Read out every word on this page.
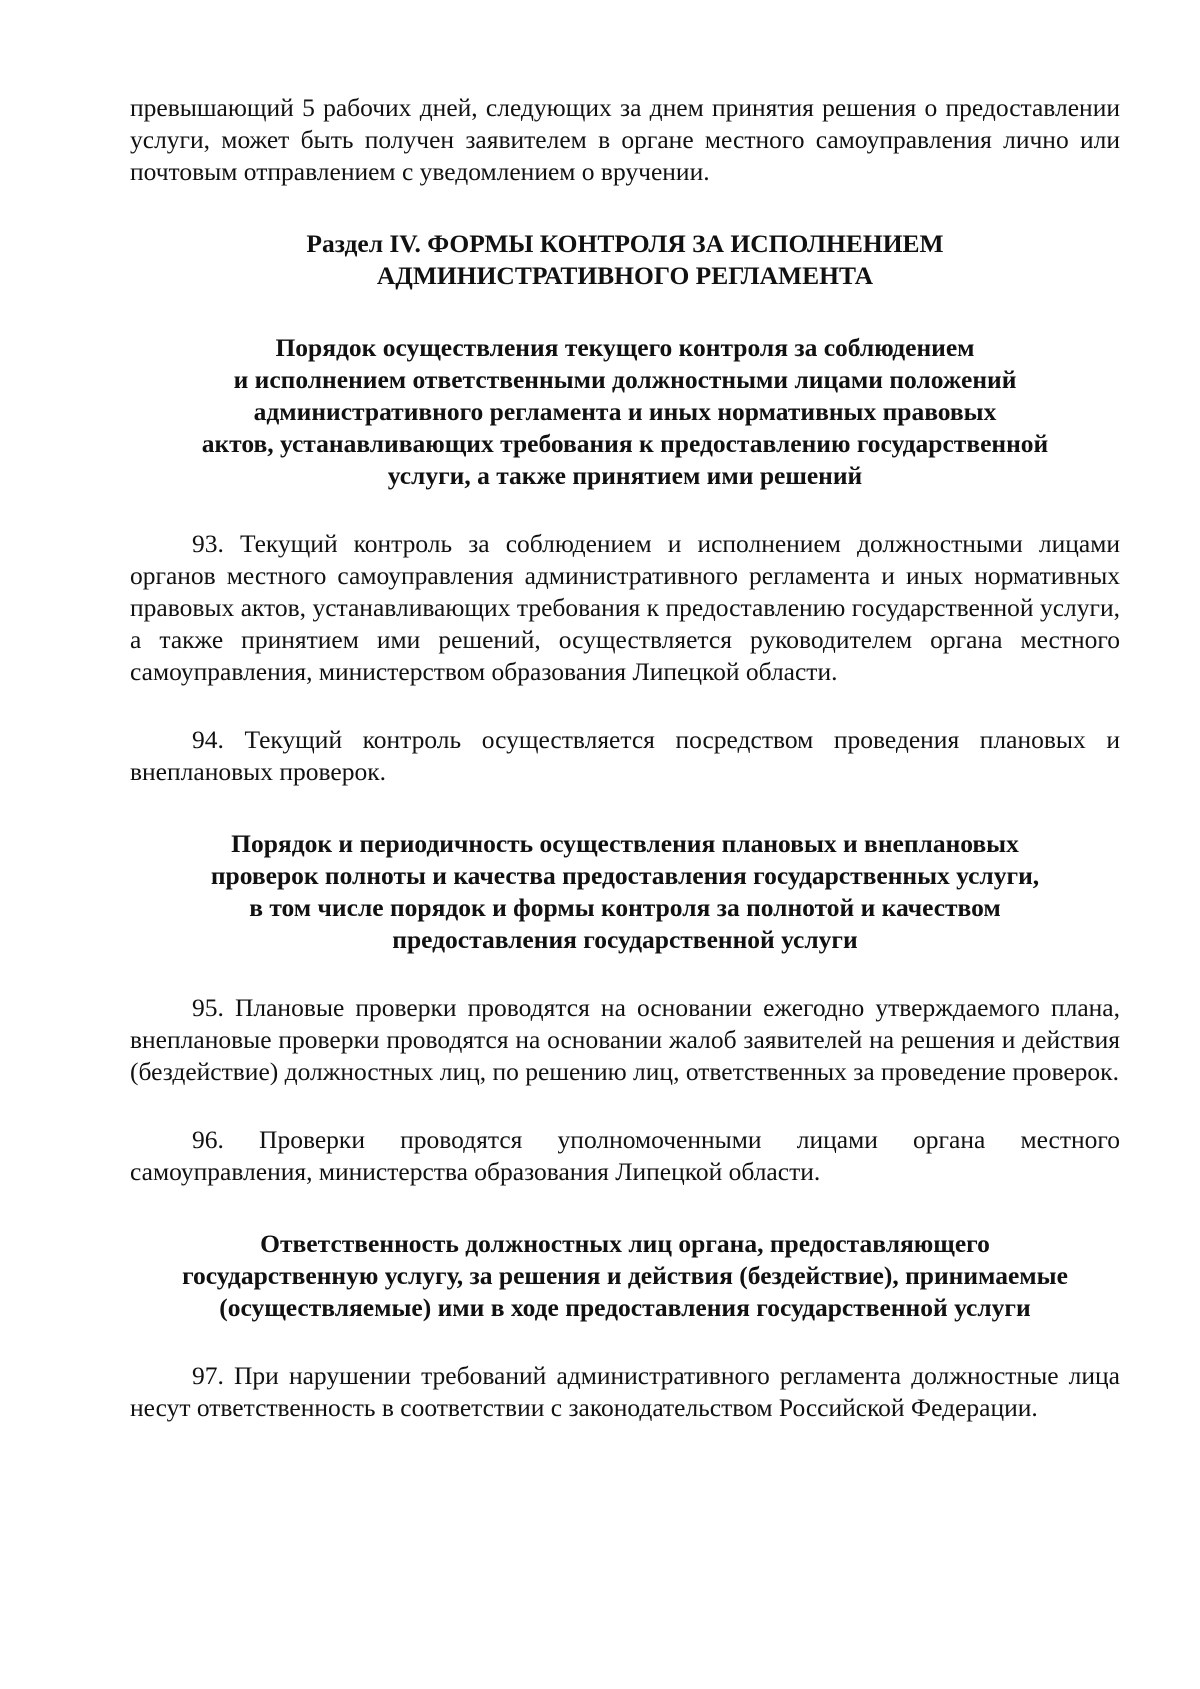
превышающий 5 рабочих дней, следующих за днем принятия решения о предоставлении услуги, может быть получен заявителем в органе местного самоуправления лично или почтовым отправлением с уведомлением о вручении.

Раздел IV. ФОРМЫ КОНТРОЛЯ ЗА ИСПОЛНЕНИЕМ
АДМИНИСТРАТИВНОГО РЕГЛАМЕНТА
Порядок осуществления текущего контроля за соблюдением
и исполнением ответственными должностными лицами положений
административного регламента и иных нормативных правовых
актов, устанавливающих требования к предоставлению государственной
услуги, а также принятием ими решений

93. Текущий контроль за соблюдением и исполнением должностными лицами органов местного самоуправления административного регламента и иных нормативных правовых актов, устанавливающих требования к предоставлению государственной услуги, а также принятием ими решений, осуществляется руководителем органа местного самоуправления, министерством образования Липецкой области.

94. Текущий контроль осуществляется посредством проведения плановых и внеплановых проверок.

Порядок и периодичность осуществления плановых и внеплановых
проверок полноты и качества предоставления государственных услуги,
в том числе порядок и формы контроля за полнотой и качеством
предоставления государственной услуги

95. Плановые проверки проводятся на основании ежегодно утверждаемого плана, внеплановые проверки проводятся на основании жалоб заявителей на решения и действия (бездействие) должностных лиц, по решению лиц, ответственных за проведение проверок.

96. Проверки проводятся уполномоченными лицами органа местного самоуправления, министерства образования Липецкой области.

Ответственность должностных лиц органа, предоставляющего
государственную услугу, за решения и действия (бездействие), принимаемые
(осуществляемые) ими в ходе предоставления государственной услуги

97. При нарушении требований административного регламента должностные лица несут ответственность в соответствии с законодательством Российской Федерации.
